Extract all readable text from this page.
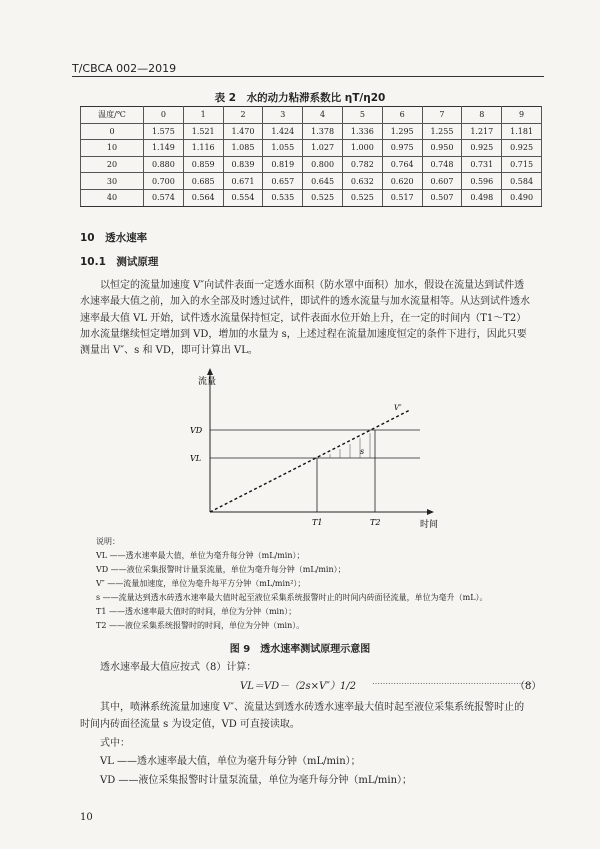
T/CBCA 002—2019
表 2　水的动力粘滞系数比 ηT/η20
温度/℃	0	1	2	3	4	5	6	7	8	9
0	1.575	1.521	1.470	1.424	1.378	1.336	1.295	1.255	1.217	1.181
10	1.149	1.116	1.085	1.055	1.027	1.000	0.975	0.950	0.925	0.925
20	0.880	0.859	0.839	0.819	0.800	0.782	0.764	0.748	0.731	0.715
30	0.700	0.685	0.671	0.657	0.645	0.632	0.620	0.607	0.596	0.584
40	0.574	0.564	0.554	0.535	0.525	0.525	0.517	0.507	0.498	0.490
10　透水速率
10.1　测试原理
以恒定的流量加速度 V″向试件表面一定透水面积（防水罩中面积）加水，假设在流量达到试件透
水速率最大值之前，加入的水全部及时透过试件，即试件的透水流量与加水流量相等。从达到试件透水
速率最大值 VL 开始，试件透水流量保持恒定，试件表面水位开始上升，在一定的时间内（T1～T2）
加水流量继续恒定增加到 VD，增加的水量为 s，上述过程在流量加速度恒定的条件下进行，因此只要
测量出 V″、s 和 VD，即可计算出 VL。
流量
VD
VL
V″
s
T1	T2	时间
说明：
VL ——透水速率最大值，单位为毫升每分钟（mL/min）；
VD ——液位采集报警时计量泵流量，单位为毫升每分钟（mL/min）；
V″ ——流量加速度，单位为毫升每平方分钟（mL/min²）；
s ——流量达到透水砖透水速率最大值时起至液位采集系统报警时止的时间内砖面径流量，单位为毫升（mL）。
T1 ——透水速率最大值时的时间，单位为分钟（min）；
T2 ——液位采集系统报警时的时间，单位为分钟（min）。
图 9　透水速率测试原理示意图
透水速率最大值应按式（8）计算：
VL＝VD－（2s×V″）1/2 ……………………………………………………
（8）
其中，喷淋系统流量加速度 V″、流量达到透水砖透水速率最大值时起至液位采集系统报警时止的
时间内砖面径流量 s 为设定值，VD 可直接读取。
式中：
VL ——透水速率最大值，单位为毫升每分钟（mL/min）；
VD ——液位采集报警时计量泵流量，单位为毫升每分钟（mL/min）；
10
